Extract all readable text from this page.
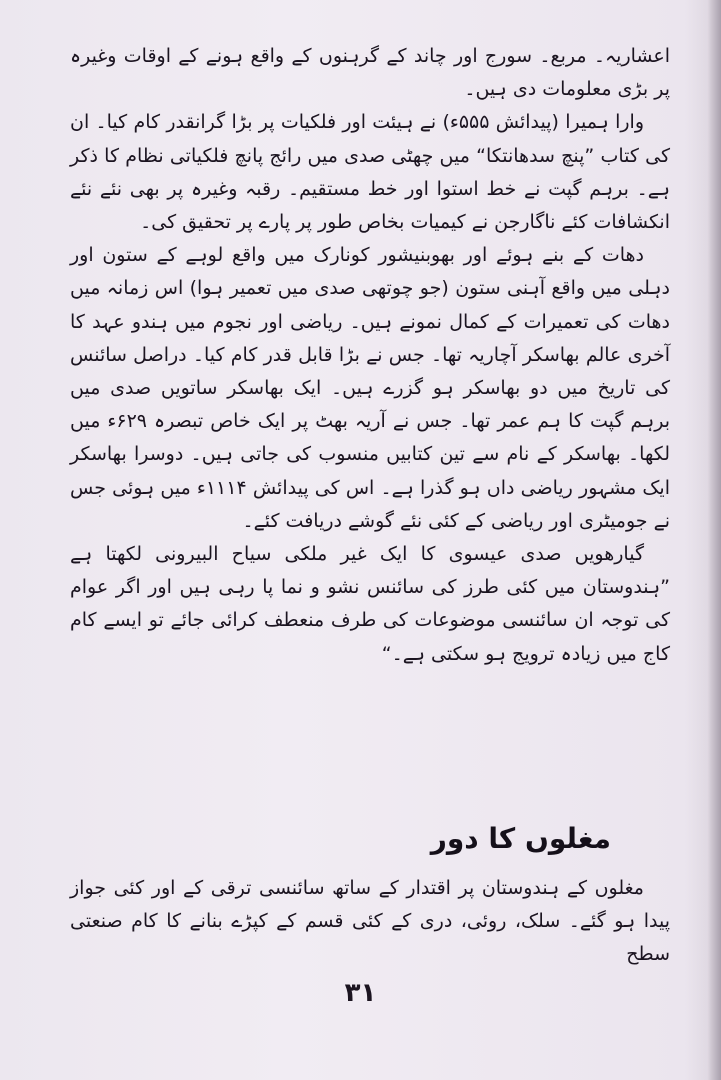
اعشاریہ۔ مربع۔ سورج اور چاند کے گرہنوں کے واقع ہونے کے اوقات وغیرہ پر بڑی معلومات دی ہیں۔

وارا ہمیرا (پیدائش ۵۵۵ء) نے ہیئت اور فلکیات پر بڑا گرانقدر کام کیا۔ ان کی کتاب ”پنچ سدھانتکا“ میں چھٹی صدی میں رائج پانچ فلکیاتی نظام کا ذکر ہے۔ برہم گپت نے خط استوا اور خط مستقیم۔ رقبہ وغیرہ پر بھی نئے نئے انکشافات کئے ناگارجن نے کیمیات بخاص طور پر پارے پر تحقیق کی۔

دھات کے بنے ہوئے اور بھوبنیشور کونارک میں واقع لوہے کے ستون اور دہلی میں واقع آہنی ستون (جو چوتھی صدی میں تعمیر ہوا) اس زمانہ میں دھات کی تعمیرات کے کمال نمونے ہیں۔ ریاضی اور نجوم میں ہندو عہد کا آخری عالم بھاسکر آچاریہ تھا۔ جس نے بڑا قابل قدر کام کیا۔ دراصل سائنس کی تاریخ میں دو بھاسکر ہو گزرے ہیں۔ ایک بھاسکر ساتویں صدی میں برہم گپت کا ہم عمر تھا۔ جس نے آریہ بھٹ پر ایک خاص تبصرہ ۶۲۹ء میں لکھا۔ بھاسکر کے نام سے تین کتابیں منسوب کی جاتی ہیں۔ دوسرا بھاسکر ایک مشہور ریاضی داں ہو گذرا ہے۔ اس کی پیدائش ۱۱۱۴ء میں ہوئی جس نے جومیٹری اور ریاضی کے کئی نئے گوشے دریافت کئے۔

گیارھویں صدی عیسوی کا ایک غیر ملکی سیاح البیرونی لکھتا ہے ”ہندوستان میں کئی طرز کی سائنس نشو و نما پا رہی ہیں اور اگر عوام کی توجہ ان سائنسی موضوعات کی طرف منعطف کرائی جائے تو ایسے کام کاج میں زیادہ ترویج ہو سکتی ہے۔“

مغلوں کا دور

مغلوں کے ہندوستان پر اقتدار کے ساتھ سائنسی ترقی کے اور کئی جواز پیدا ہو گئے۔ سلک، روئی، دری کے کئی قسم کے کپڑے بنانے کا کام صنعتی سطح

۳۱
